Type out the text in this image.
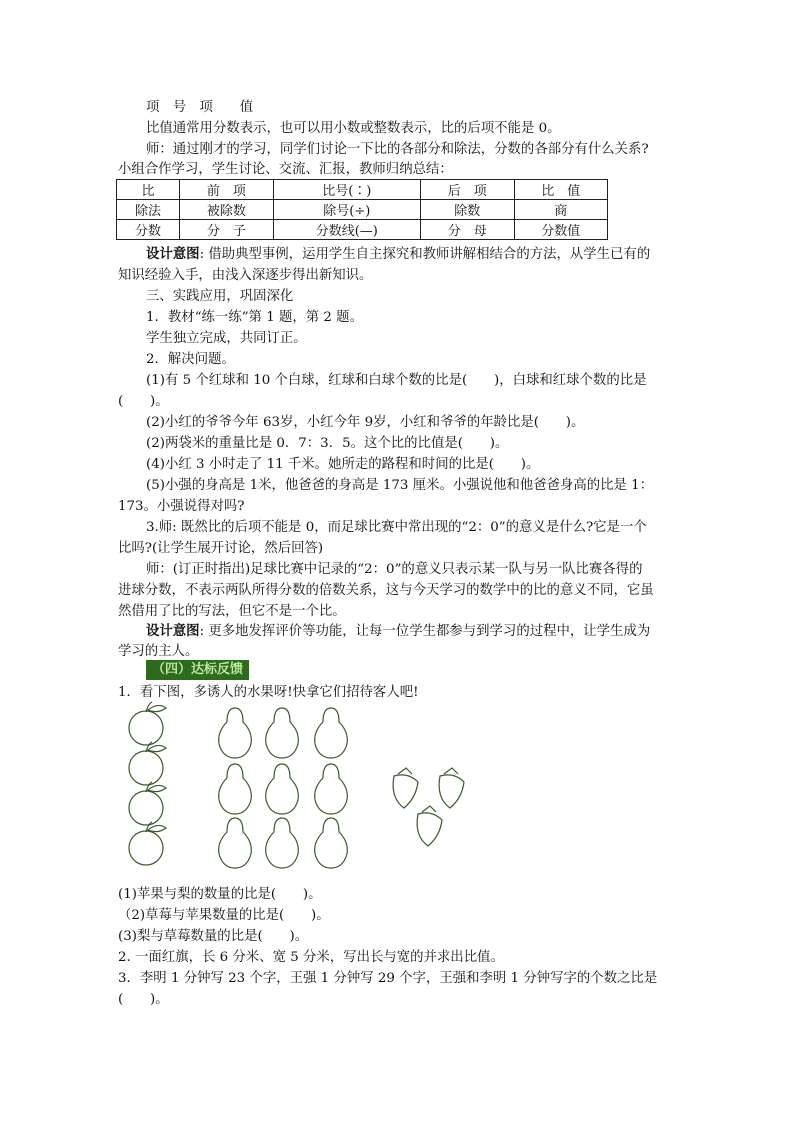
项　号　项　　值
比值通常用分数表示，也可以用小数或整数表示，比的后项不能是 0。
师：通过刚才的学习，同学们讨论一下比的各部分和除法，分数的各部分有什么关系?
小组合作学习，学生讨论、交流、汇报，教师归纳总结：
比	前　项	比号(∶)	后　项	比　值
除法	被除数	除号(÷)	除数	商
分数	分　子	分数线(—)	分　母	分数值
设计意图: 借助典型事例，运用学生自主探究和教师讲解相结合的方法，从学生已有的
知识经验入手，由浅入深逐步得出新知识。
三、实践应用，巩固深化
1．教材“练一练”第 1 题，第 2 题。
学生独立完成，共同订正。
2．解决问题。
(1)有 5 个红球和 10 个白球，红球和白球个数的比是(　　)，白球和红球个数的比是
(　　)。
(2)小红的爷爷今年 63岁，小红今年 9岁，小红和爷爷的年龄比是(　　)。
(2)两袋米的重量比是 0．7：3．5。这个比的比值是(　　)。
(4)小红 3 小时走了 11 千米。她所走的路程和时间的比是(　　)。
(5)小强的身高是 1米，他爸爸的身高是 173 厘米。小强说他和他爸爸身高的比是 1：
173。小强说得对吗?
3.师: 既然比的后项不能是 0，而足球比赛中常出现的“2：0”的意义是什么?它是一个
比吗?(让学生展开讨论，然后回答)
师：(订正时指出)足球比赛中记录的“2：0”的意义只表示某一队与另一队比赛各得的
进球分数，不表示两队所得分数的倍数关系，这与今天学习的数学中的比的意义不同，它虽
然借用了比的写法，但它不是一个比。
设计意图: 更多地发挥评价等功能，让每一位学生都参与到学习的过程中，让学生成为
学习的主人。
（四）达标反馈
1．看下图，多诱人的水果呀!快拿它们招待客人吧!
(1)苹果与梨的数量的比是(　　)。
（2)草莓与苹果数量的比是(　　)。
(3)梨与草莓数量的比是(　　)。
2. 一面红旗，长 6 分米、宽 5 分米，写出长与宽的并求出比值。
3．李明 1 分钟写 23 个字，王强 1 分钟写 29 个字，王强和李明 1 分钟写字的个数之比是
(　　)。
